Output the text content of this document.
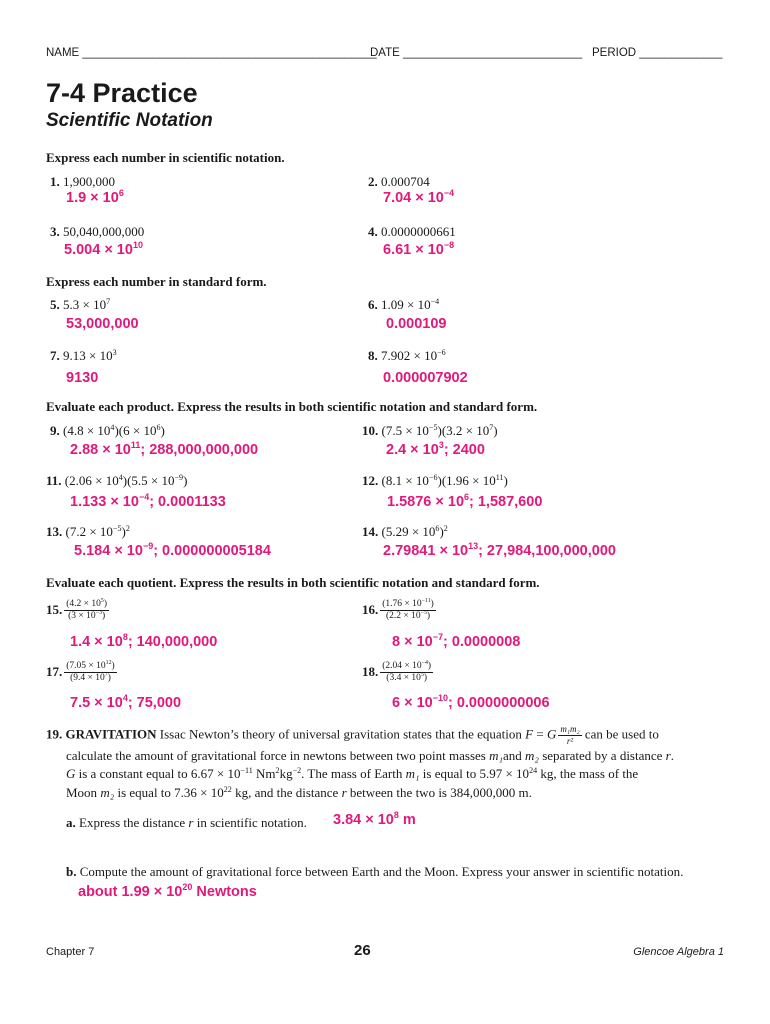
NAME ______________________________________________
DATE ____________________________ PERIOD _____________
7-4 Practice
Scientific Notation
Express each number in scientific notation.
1. 1,900,000
$1.9 \times 10^6$
2. 0.000704
$7.04 \times 10^{-4}$
3. 50,040,000,000
$5.004 \times 10^{10}$
4. 0.0000000661
$6.61 \times 10^{-8}$
Express each number in standard form.
5. $5.3 \times 10^7$
53,000,000
6. $1.09 \times 10^{-4}$
0.000109
7. $9.13 \times 10^3$
9130
8. $7.902 \times 10^{-6}$
0.000007902
Evaluate each product. Express the results in both scientific notation and standard form.
9. $(4.8 \times 10^4)(6 \times 10^6)$
$2.88 \times 10^{11}$; 288,000,000,000
10. $(7.5 \times 10^{-5})(3.2 \times 10^7)$
$2.4 \times 10^3$; 2400
11. $(2.06 \times 10^4)(5.5 \times 10^{-9})$
$1.133 \times 10^{-4}$; 0.0001133
12. $(8.1 \times 10^{-6})(1.96 \times 10^{11})$
$1.5876 \times 10^6$; 1,587,600
13. $(7.2 \times 10^{-5})^2$
$5.184 \times 10^{-9}$; 0.000000005184
14. $(5.29 \times 10^6)^2$
$2.79841 \times 10^{13}$; 27,984,100,000,000
Evaluate each quotient. Express the results in both scientific notation and standard form.
15. $\frac{(4.2 \times 10^5)}{(3 \times 10^{-3})}$
$1.4 \times 10^8$; 140,000,000
16. $\frac{(1.76 \times 10^{-11})}{(2.2 \times 10^{-5})}$
$8 \times 10^{-7}$; 0.0000008
17. $\frac{(7.05 \times 10^{12})}{(9.4 \times 10^7)}$
$7.5 \times 10^4$; 75,000
18. $\frac{(2.04 \times 10^{-4})}{(3.4 \times 10^5)}$
$6 \times 10^{-10}$; 0.0000000006

19. GRAVITATION Issac Newton’s theory of universal gravitation states that the equation F = G $\frac{\text{m₁m₂}}{\text{r²}}$ can be used to

calculate the amount of gravitational force in newtons between two point masses m₁and m₂ separated by a distance r.

G is a constant equal to $6.67 \times 10^{-11}$ $Nm^2kg^{-2}$. The mass of Earth m₁ is equal to $5.97 \times 10^{24}$ kg, the mass of the

Moon m₂ is equal to $7.36 \times 10^{22}$ kg, and the distance r between the two is 384,000,000 m.

a. Express the distance r in scientific notation. $3.84 \times 10^8$ m
b. Compute the amount of gravitational force between Earth and the Moon. Express your answer in scientific notation.
about $1.99 \times 10^{20}$ Newtons
Chapter 7	26	Glencoe Algebra 1
